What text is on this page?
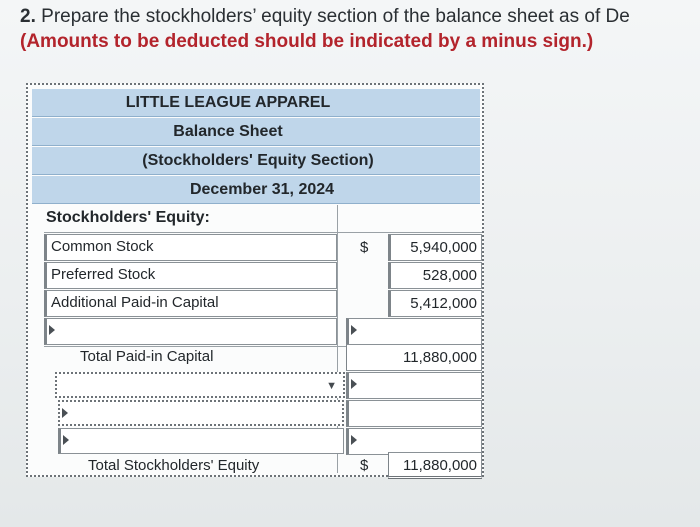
2. Prepare the stockholders’ equity section of the balance sheet as of De

(Amounts to be deducted should be indicated by a minus sign.)

LITTLE LEAGUE APPAREL
Balance Sheet
(Stockholders' Equity Section)
December 31, 2024
Stockholders' Equity:
Common Stock	$	5,940,000
Preferred Stock	528,000
Additional Paid-in Capital	5,412,000
Total Paid-in Capital	11,880,000
▼
Total Stockholders' Equity	$	11,880,000
